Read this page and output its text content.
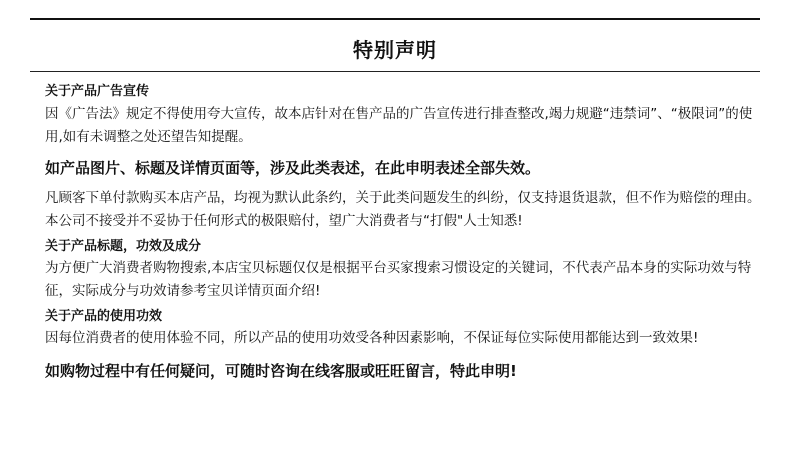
特别声明

关于产品广告宣传

因《广告法》规定不得使用夸大宣传，故本店针对在售产品的广告宣传进行排查整改,竭力规避“违禁词”、“极限词”的使用,如有未调整之处还望告知提醒。

如产品图片、标题及详情页面等，涉及此类表述，在此申明表述全部失效。

凡顾客下单付款购买本店产品，均视为默认此条约，关于此类问题发生的纠纷，仅支持退货退款，但不作为赔偿的理由。本公司不接受并不妥协于任何形式的极限赔付，望广大消费者与“打假"人士知悉!

关于产品标题，功效及成分

为方便广大消费者购物搜索,本店宝贝标题仅仅是根据平台买家搜索习惯设定的关键词，不代表产品本身的实际功效与特征，实际成分与功效请参考宝贝详情页面介绍!

关于产品的使用功效

因每位消费者的使用体验不同，所以产品的使用功效受各种因素影响，不保证每位实际使用都能达到一致效果!

如购物过程中有任何疑问，可随时咨询在线客服或旺旺留言，特此申明!
